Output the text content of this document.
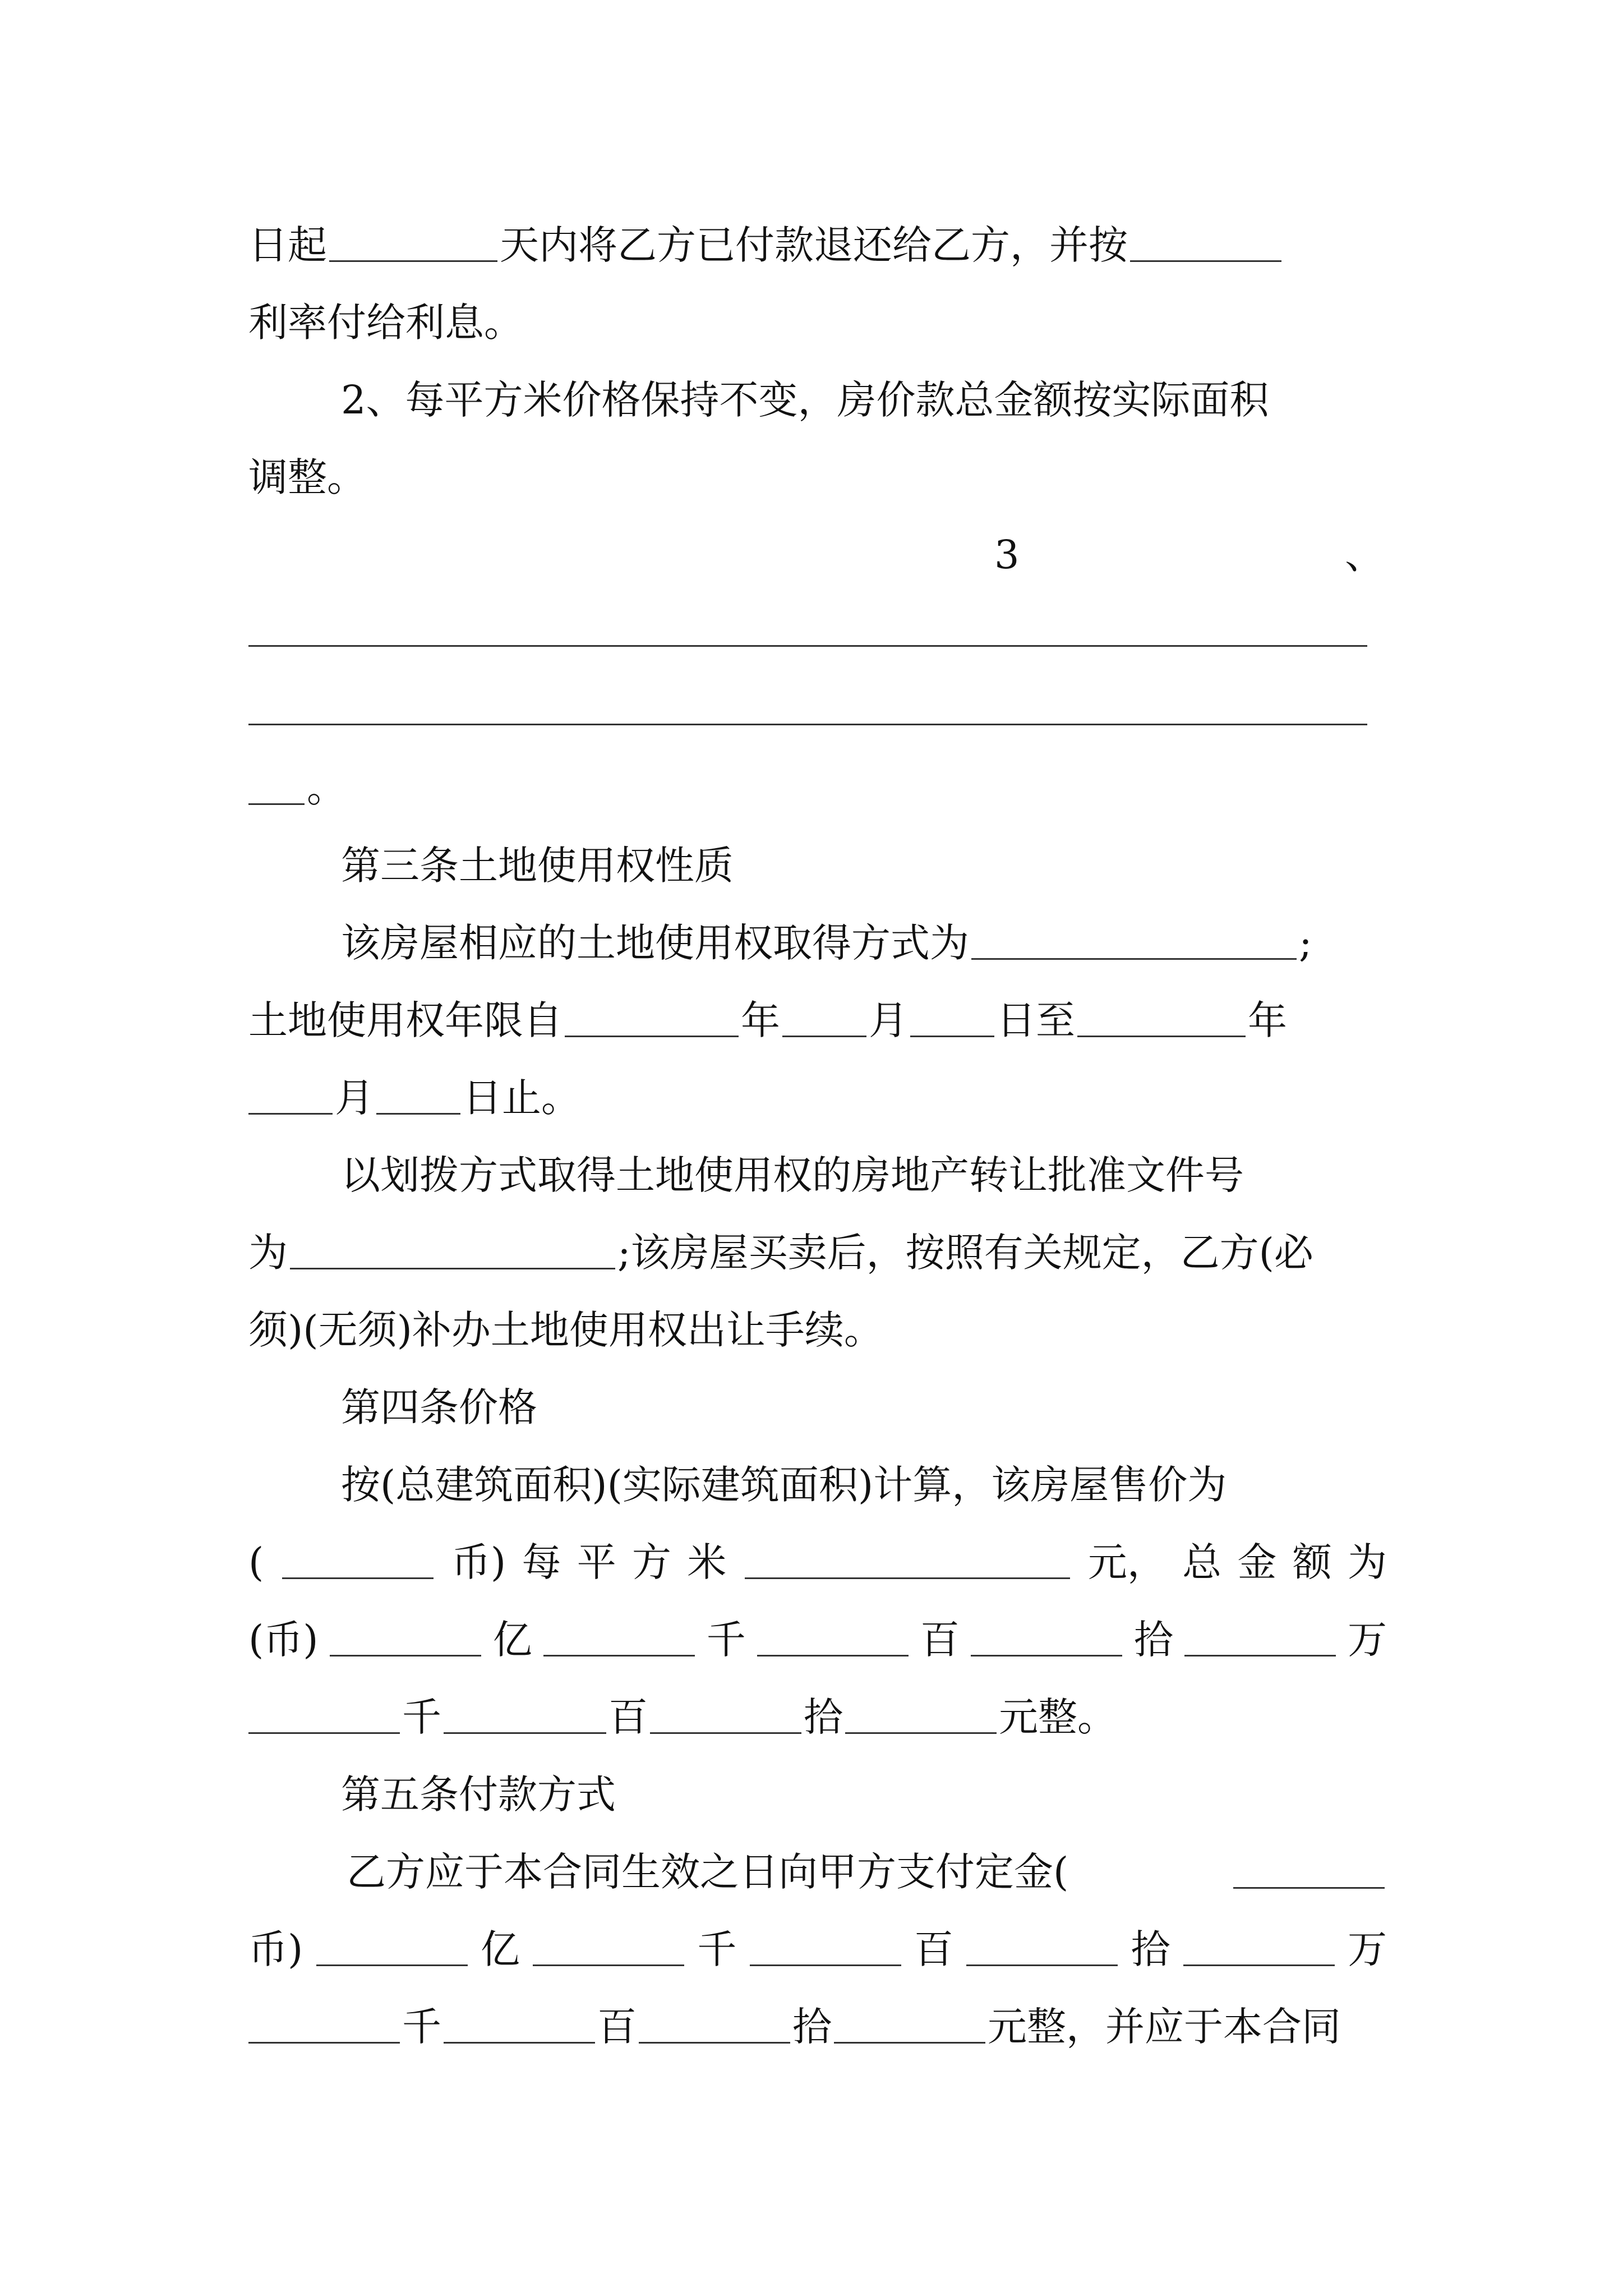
日起	天内将乙方已付款退还给乙方，并按
利率付给利息。
2、每平方米价格保持不变，房价款总金额按实际面积
调整。
3	、
。
第三条土地使用权性质
该房屋相应的土地使用权取得方式为	;
土地使用权年限自	年 月 日至	年
月 日止。
以划拨方式取得土地使用权的房地产转让批准文件号
为	;该房屋买卖后，按照有关规定，乙方(必
须)(无须)补办土地使用权出让手续。
第四条价格
按(总建筑面积)(实际建筑面积)计算，该房屋售价为
(	币) 每 平 方 米	元， 总 金 额 为
(币)	亿	千	百	拾	万
千	百	拾	元整。
第五条付款方式
乙方应于本合同生效之日向甲方支付定金(
币)	亿	千	百	拾	万
千	百	拾	元整，并应于本合同
